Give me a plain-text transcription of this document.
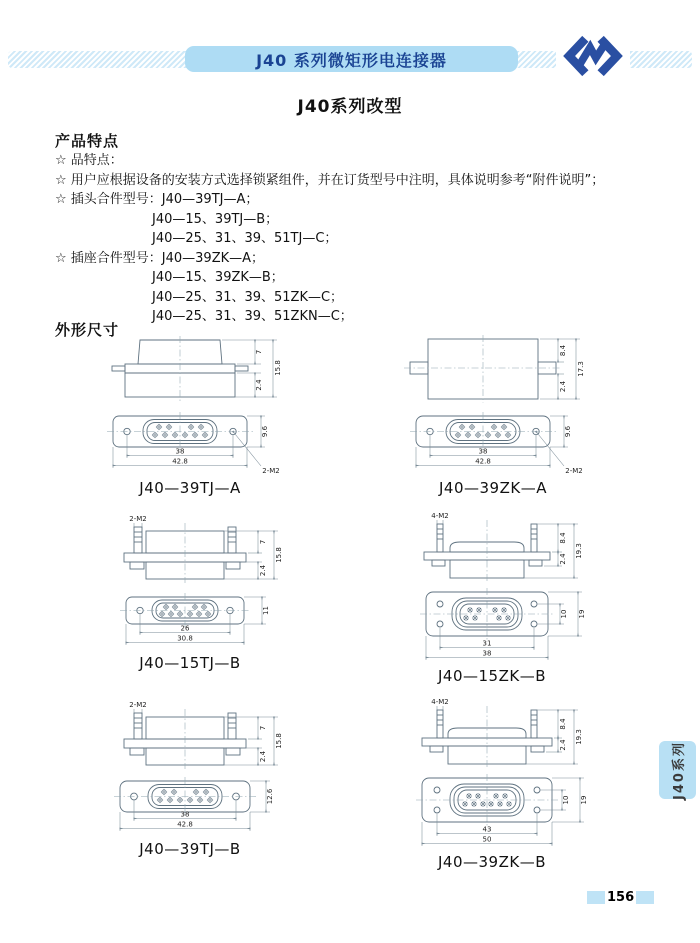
J40 系列微矩形电连接器
J40系列改型
产品特点
☆ 品特点：
☆ 用户应根据设备的安装方式选择锁紧组件，并在订货型号中注明，具体说明参考“附件说明”；
☆ 插头合件型号：J40—39TJ—A；
J40—15、39TJ—B；
J40—25、31、39、51TJ—C；
☆ 插座合件型号：J40—39ZK—A；
J40—15、39ZK—B；
J40—25、31、39、51ZK—C；
J40—25、31、39、51ZKN—C；
外形尺寸
7
2.4
15.8
38
42.8
9.6
2-M2
J40—39TJ—A
8.4
2.4
17.3
38
42.8
9.6
2-M2
J40—39ZK—A
2-M2
7
2.4
15.8
26
30.8
11
J40—15TJ—B
4-M2
8.4
2.4
19.3
31
38
10 19
J40—15ZK—B
2-M2
7
2.4
15.8
38
42.8
12.6
J40—39TJ—B
4-M2
8.4
2.4
19.3
43
50
10 19
J40—39ZK—B
J40系列
156
